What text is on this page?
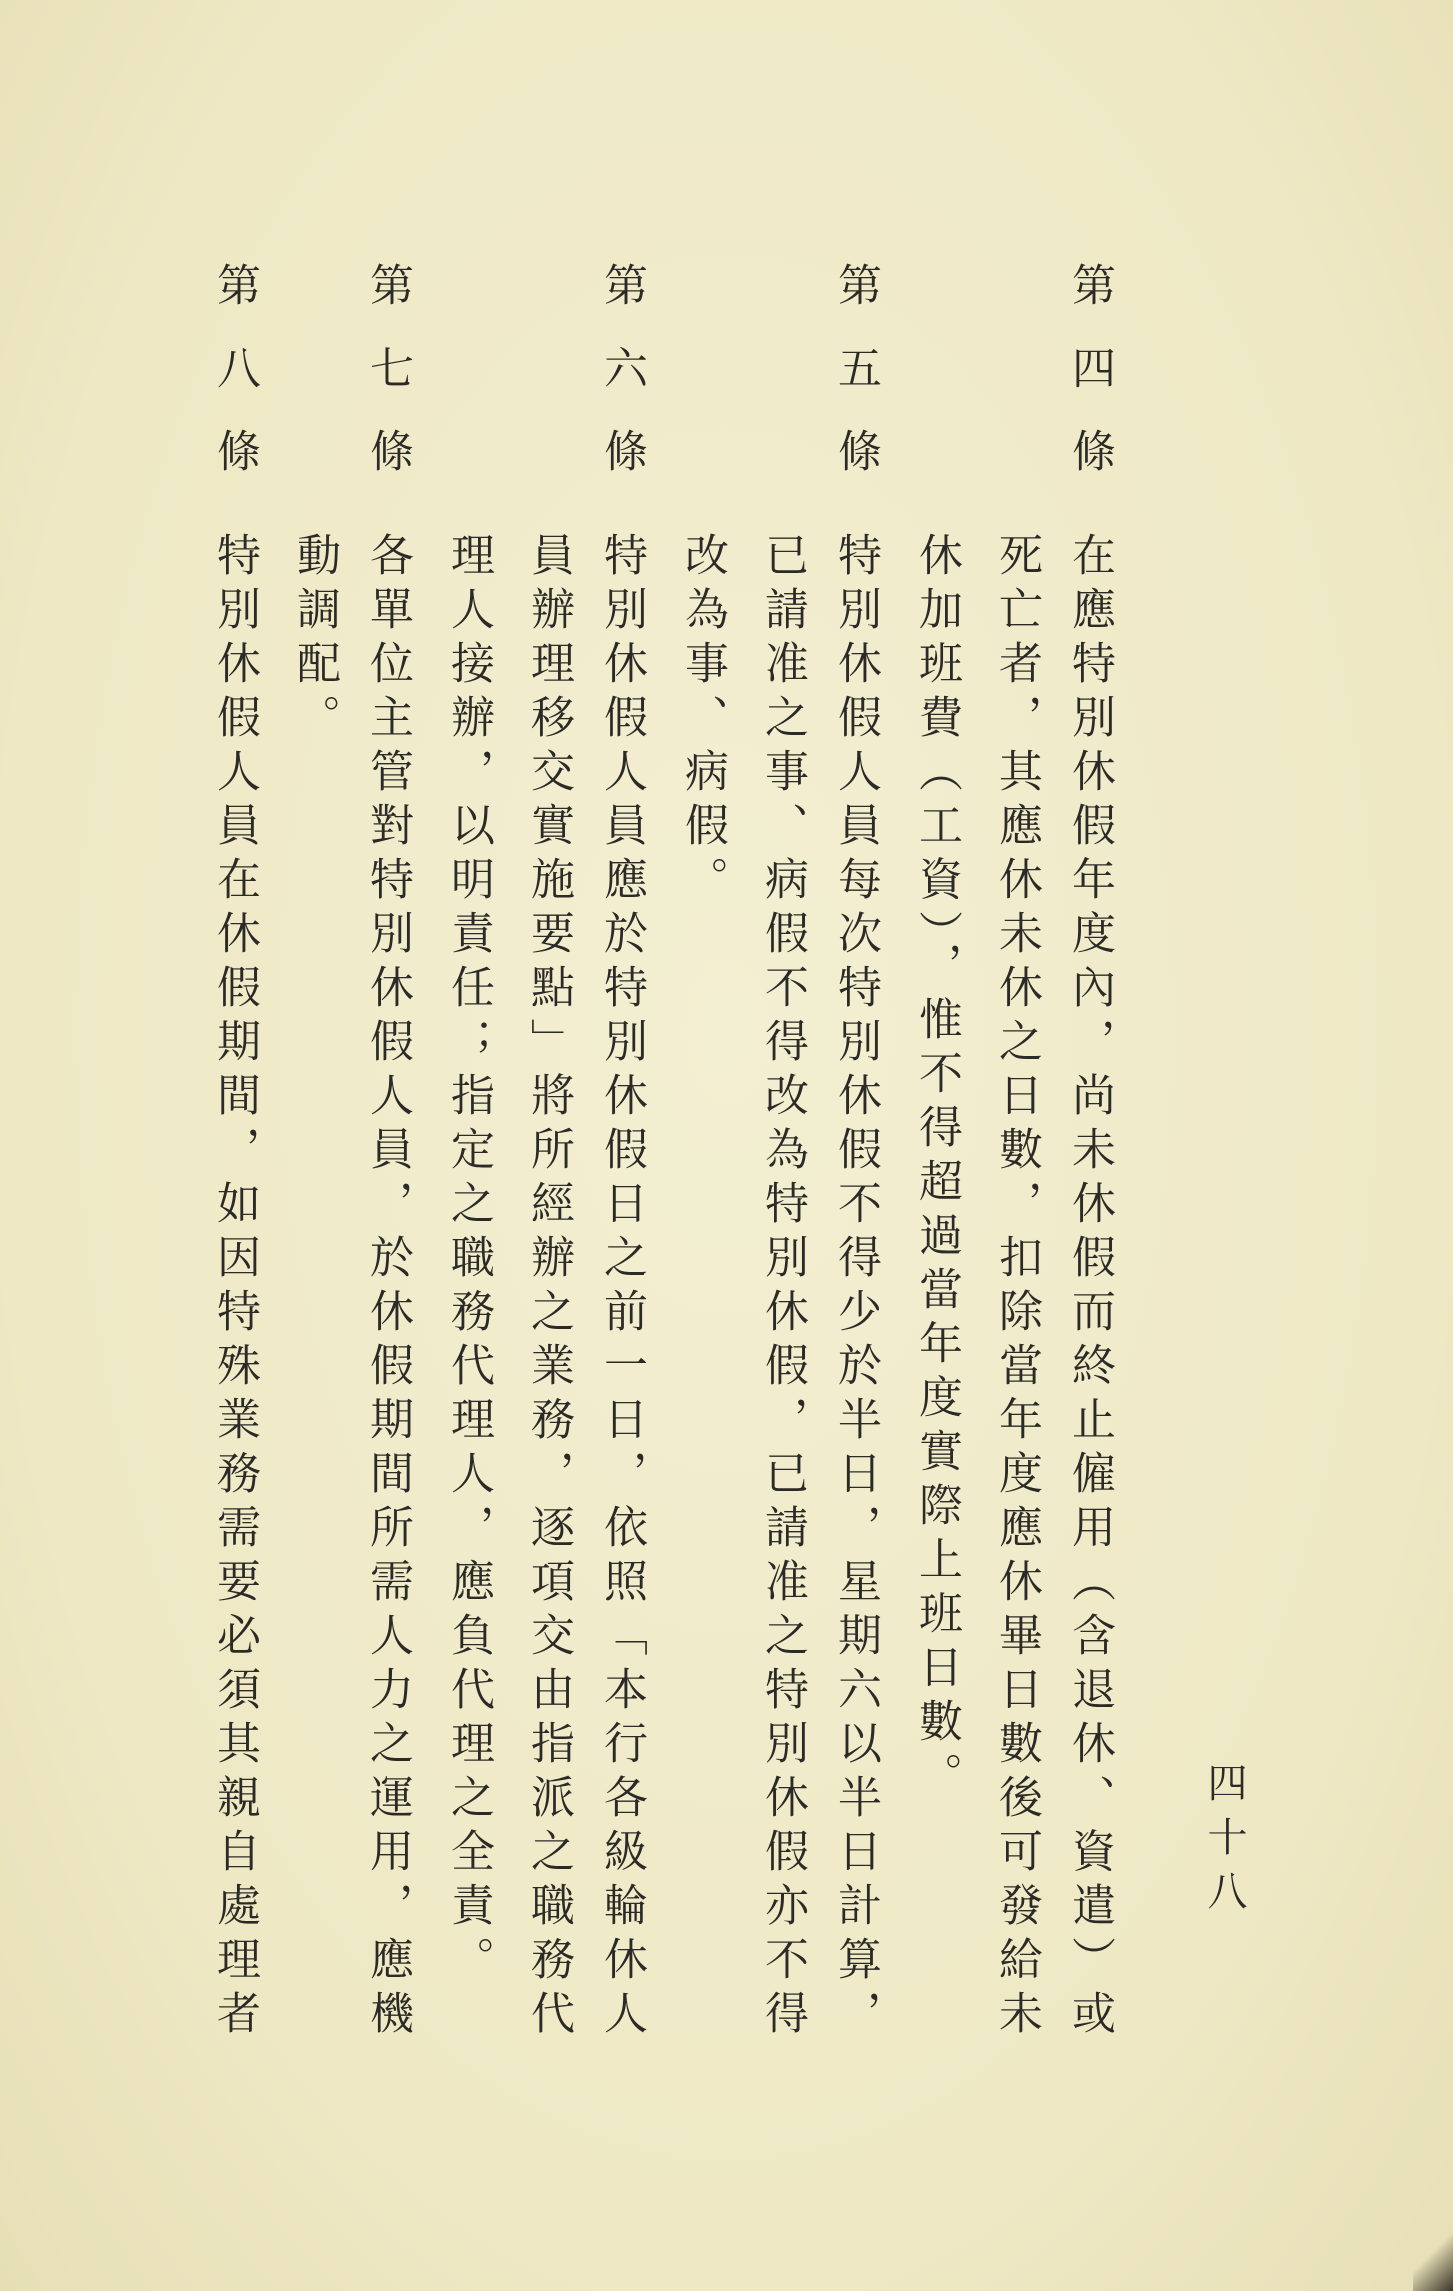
四十八
第四條
在應特別休假年度內，尚未休假而終止僱用（含退休、資遣）或
死亡者，其應休未休之日數，扣除當年度應休畢日數後可發給未
休加班費（工資），惟不得超過當年度實際上班日數。
第五條
特別休假人員每次特別休假不得少於半日，星期六以半日計算，
已請准之事、病假不得改為特別休假，已請准之特別休假亦不得
改為事、病假。
第六條
特別休假人員應於特別休假日之前一日，依照「本行各級輪休人
員辦理移交實施要點」將所經辦之業務，逐項交由指派之職務代
理人接辦，以明責任；指定之職務代理人，應負代理之全責。
第七條
各單位主管對特別休假人員，於休假期間所需人力之運用，應機
動調配。
第八條
特別休假人員在休假期間，如因特殊業務需要必須其親自處理者
